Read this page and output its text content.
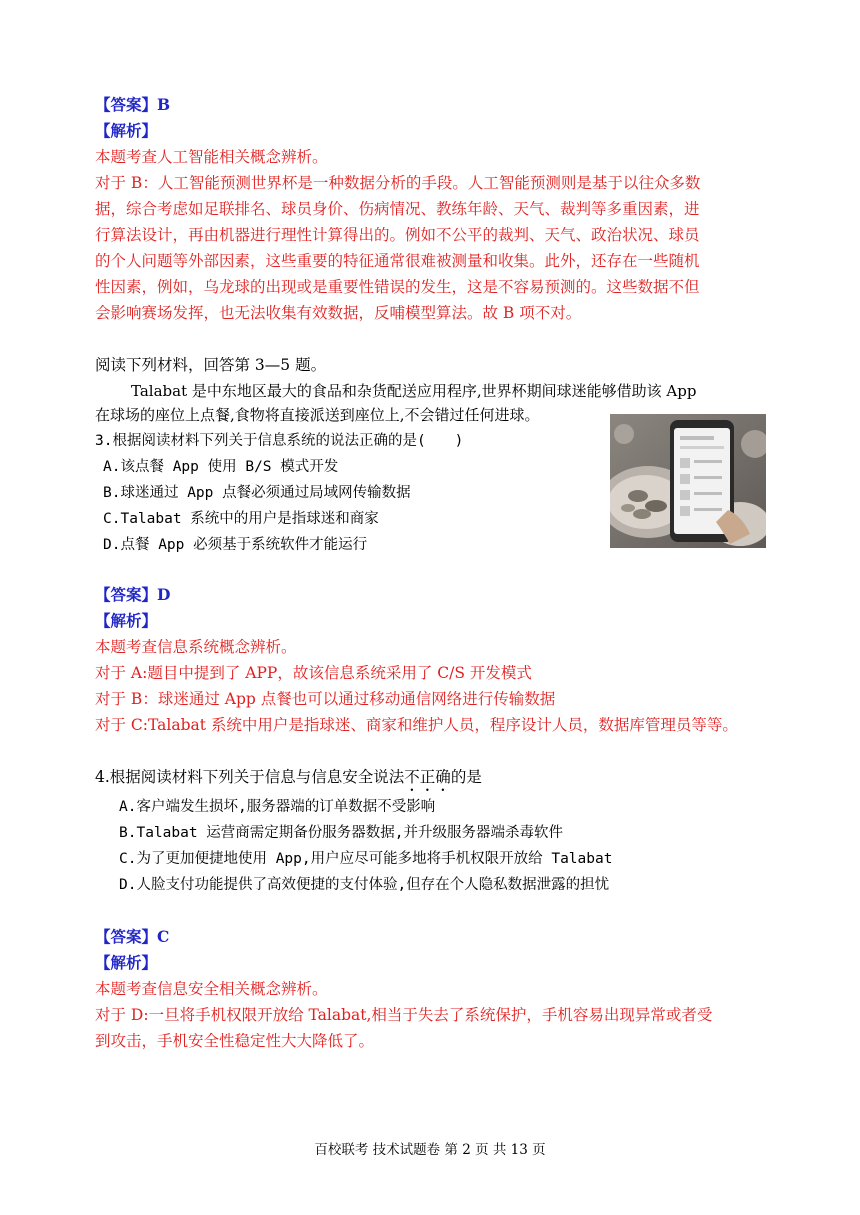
【答案】B
【解析】
本题考查人工智能相关概念辨析。
对于 B：人工智能预测世界杯是一种数据分析的手段。人工智能预测则是基于以往众多数
据，综合考虑如足联排名、球员身价、伤病情况、教练年龄、天气、裁判等多重因素，进
行算法设计，再由机器进行理性计算得出的。例如不公平的裁判、天气、政治状况、球员
的个人问题等外部因素，这些重要的特征通常很难被测量和收集。此外，还存在一些随机
性因素，例如，乌龙球的出现或是重要性错误的发生，这是不容易预测的。这些数据不但
会影响赛场发挥，也无法收集有效数据，反哺模型算法。故 B 项不对。
阅读下列材料，回答第 3—5 题。
Talabat 是中东地区最大的食品和杂货配送应用程序,世界杯期间球迷能够借助该 App
在球场的座位上点餐,食物将直接派送到座位上,不会错过任何进球。
3.根据阅读材料下列关于信息系统的说法正确的是(　　)
A.该点餐 App 使用 B/S 模式开发
B.球迷通过 App 点餐必须通过局域网传输数据
C.Talabat 系统中的用户是指球迷和商家
D.点餐 App 必须基于系统软件才能运行
【答案】D
【解析】
本题考查信息系统概念辨析。
对于 A:题目中提到了 APP，故该信息系统采用了 C/S 开发模式
对于 B：球迷通过 App 点餐也可以通过移动通信网络进行传输数据
对于 C:Talabat 系统中用户是指球迷、商家和维护人员，程序设计人员，数据库管理员等等。
4.根据阅读材料下列关于信息与信息安全说法不正确的是
A.客户端发生损坏,服务器端的订单数据不受影响
B.Talabat 运营商需定期备份服务器数据,并升级服务器端杀毒软件
C.为了更加便捷地使用 App,用户应尽可能多地将手机权限开放给 Talabat
D.人脸支付功能提供了高效便捷的支付体验,但存在个人隐私数据泄露的担忧
【答案】C
【解析】
本题考查信息安全相关概念辨析。
对于 D:一旦将手机权限开放给 Talabat,相当于失去了系统保护，手机容易出现异常或者受
到攻击，手机安全性稳定性大大降低了。
百校联考 技术试题卷 第 2 页 共 13 页
